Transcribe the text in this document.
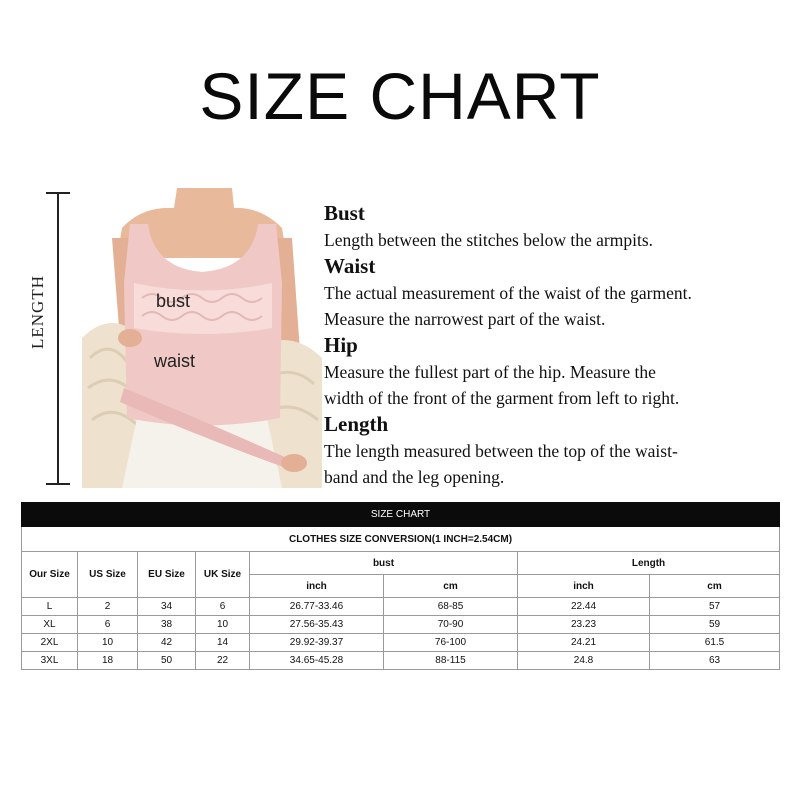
SIZE CHART
LENGTH	bust
waist

Bust

Length between the stitches below the armpits.

Waist

The actual measurement of the waist of the garment.

Measure the narrowest part of the waist.

Hip

Measure the fullest part of the hip. Measure the

width of the front of the garment from left to right.

Length

The length measured between the top of the waist-

band and the leg opening.

SIZE CHART							
CLOTHES SIZE CONVERSION(1 INCH=2.54CM)							
Our Size	US Size	EU Size	UK Size	bust		Length	
				inch	cm	inch	cm
L	2	34	6	26.77-33.46	68-85	22.44	57
XL	6	38	10	27.56-35.43	70-90	23.23	59
2XL	10	42	14	29.92-39.37	76-100	24.21	61.5
3XL	18	50	22	34.65-45.28	88-115	24.8	63
